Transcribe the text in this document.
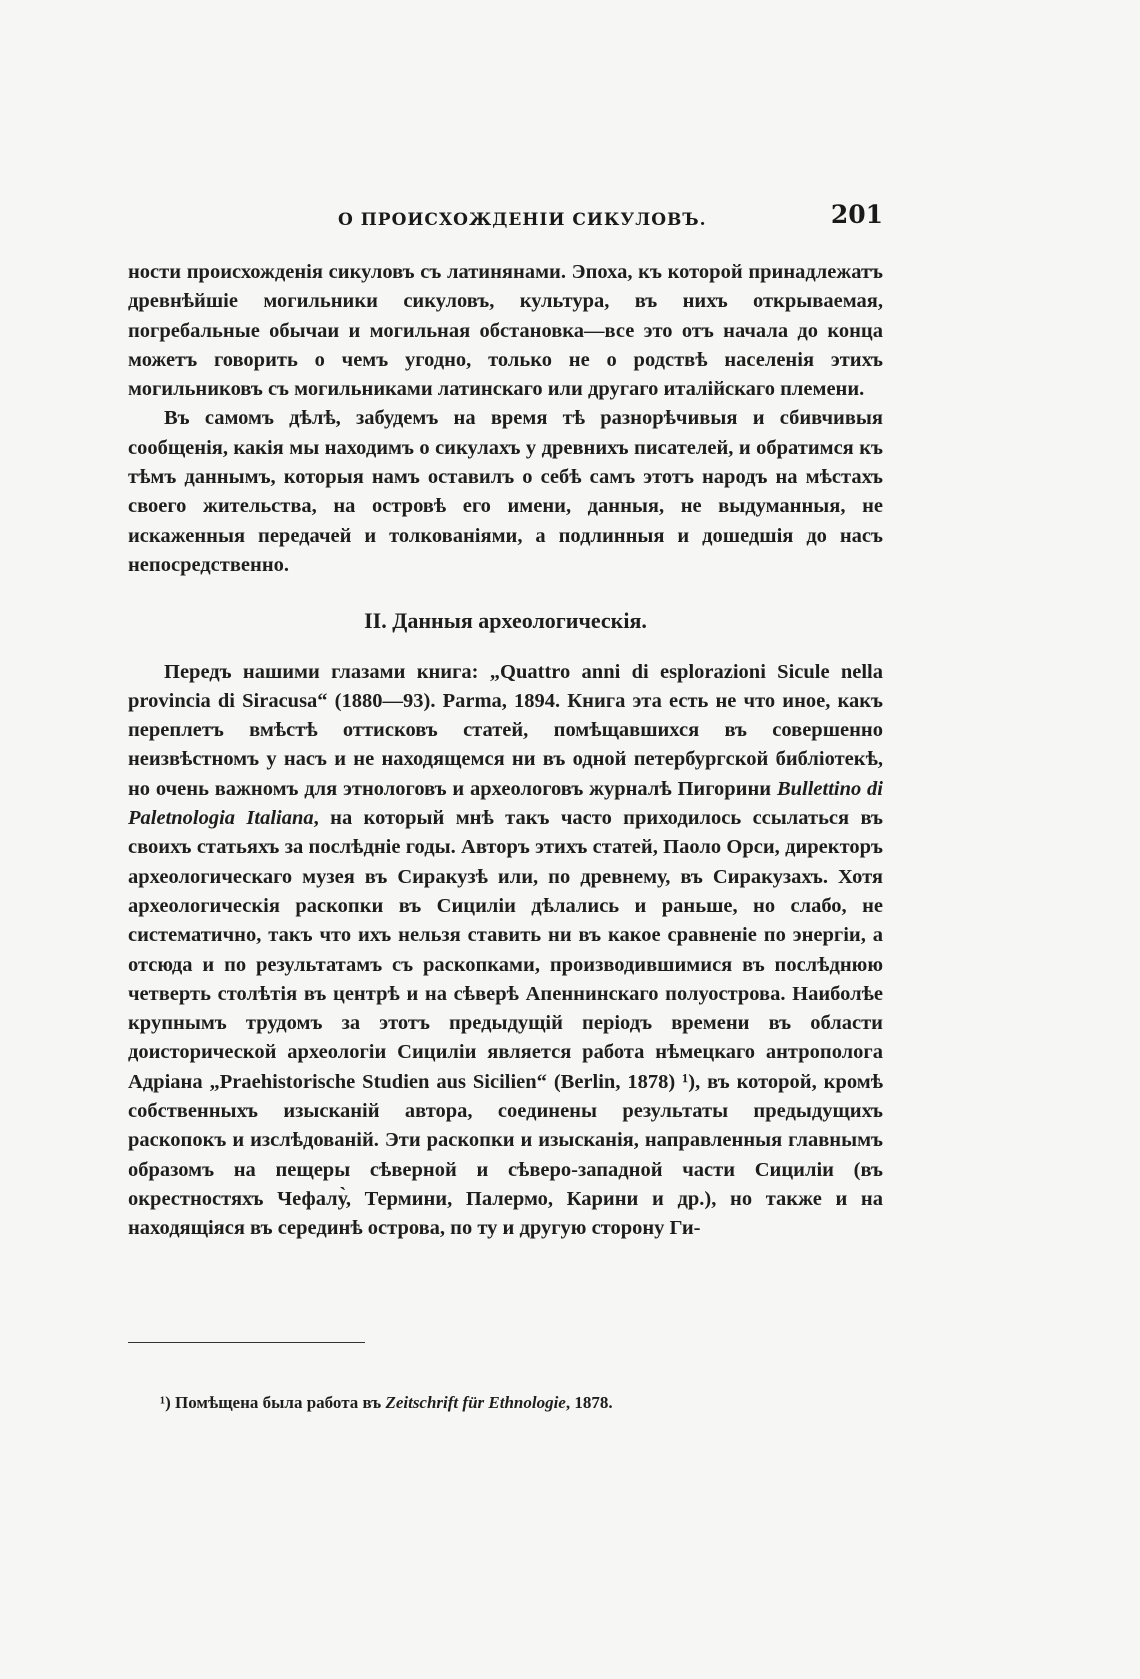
О ПРОИСХОЖДЕНІИ СИКУЛОВЪ.	201

ности происхожденія сикуловъ съ латинянами. Эпоха, къ которой принадлежатъ древнѣйшіе могильники сикуловъ, культура, въ нихъ открываемая, погребальные обычаи и могильная обстановка—все это отъ начала до конца можетъ говорить о чемъ угодно, только не о родствѣ населенія этихъ могильниковъ съ могильниками латинскаго или другаго италійскаго племени.

Въ самомъ дѣлѣ, забудемъ на время тѣ разнорѣчивыя и сбивчивыя сообщенія, какія мы находимъ о сикулахъ у древнихъ писателей, и обратимся къ тѣмъ даннымъ, которыя намъ оставилъ о себѣ самъ этотъ народъ на мѣстахъ своего жительства, на островѣ его имени, данныя, не выдуманныя, не искаженныя передачей и толкованіями, а подлинныя и дошедшія до насъ непосредственно.

II. Данныя археологическія.

Передъ нашими глазами книга: „Quattro anni di esplorazioni Sicule nella provincia di Siracusa“ (1880—93). Parma, 1894. Книга эта есть не что иное, какъ переплетъ вмѣстѣ оттисковъ статей, помѣщавшихся въ совершенно неизвѣстномъ у насъ и не находящемся ни въ одной петербургской библіотекѣ, но очень важномъ для этнологовъ и археологовъ журналѣ Пигорини Bullettino di Paletnologia Italiana, на который мнѣ такъ часто приходилось ссылаться въ своихъ статьяхъ за послѣдніе годы. Авторъ этихъ статей, Паоло Орси, директоръ археологическаго музея въ Сиракузѣ или, по древнему, въ Сиракузахъ. Хотя археологическія раскопки въ Сициліи дѣлались и раньше, но слабо, не систематично, такъ что ихъ нельзя ставить ни въ какое сравненіе по энергіи, а отсюда и по результатамъ съ раскопками, производившимися въ послѣднюю четверть столѣтія въ центрѣ и на сѣверѣ Апеннинскаго полуострова. Наиболѣе крупнымъ трудомъ за этотъ предыдущій періодъ времени въ области доисторической археологіи Сициліи является работа нѣмецкаго антрополога Адріана „Praehistorische Studien aus Sicilien“ (Berlin, 1878) ¹), въ которой, кромѣ собственныхъ изысканій автора, соединены результаты предыдущихъ раскопокъ и изслѣдованій. Эти раскопки и изысканія, направленныя главнымъ образомъ на пещеры сѣверной и сѣверо-западной части Сициліи (въ окрестностяхъ Чефалу̀, Термини, Палермо, Карини и др.), но также и на находящіяся въ серединѣ острова, по ту и другую сторону Ги-

¹) Помѣщена была работа въ Zeitschrift für Ethnologie, 1878.
